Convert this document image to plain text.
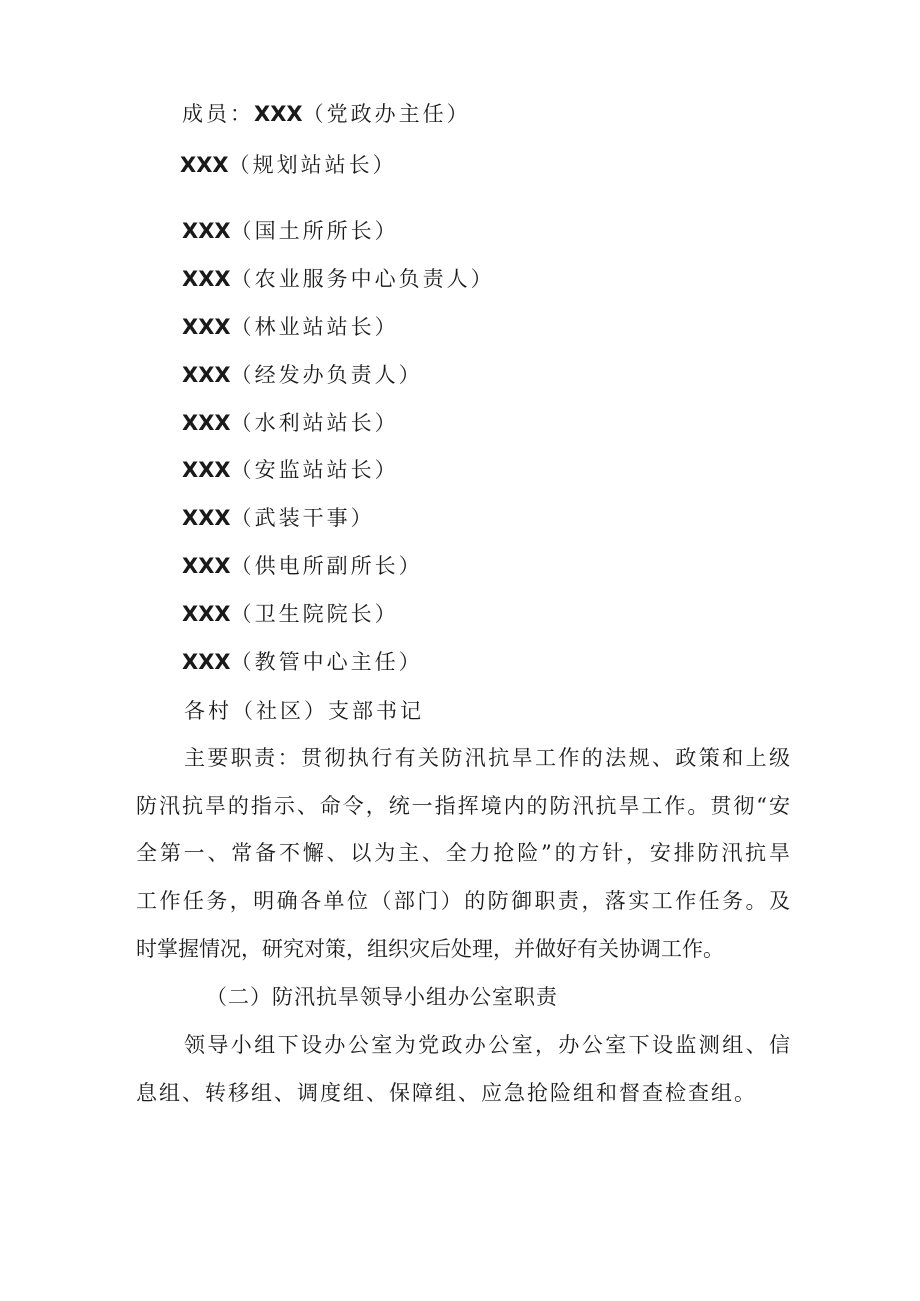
成员：XXX（党政办主任）
XXX（规划站站长）
XXX（国土所所长）
XXX（农业服务中心负责人）
XXX（林业站站长）
XXX（经发办负责人）
XXX（水利站站长）
XXX（安监站站长）
XXX（武装干事）
XXX（供电所副所长）
XXX（卫生院院长）
XXX（教管中心主任）
各村（社区）支部书记
主要职责：贯彻执行有关防汛抗旱工作的法规、政策和上级
防汛抗旱的指示、命令，统一指挥境内的防汛抗旱工作。贯彻“安
全第一、常备不懈、以为主、全力抢险”的方针，安排防汛抗旱
工作任务，明确各单位（部门）的防御职责，落实工作任务。及
时掌握情况，研究对策，组织灾后处理，并做好有关协调工作。
（二）防汛抗旱领导小组办公室职责
领导小组下设办公室为党政办公室，办公室下设监测组、信
息组、转移组、调度组、保障组、应急抢险组和督查检查组。
